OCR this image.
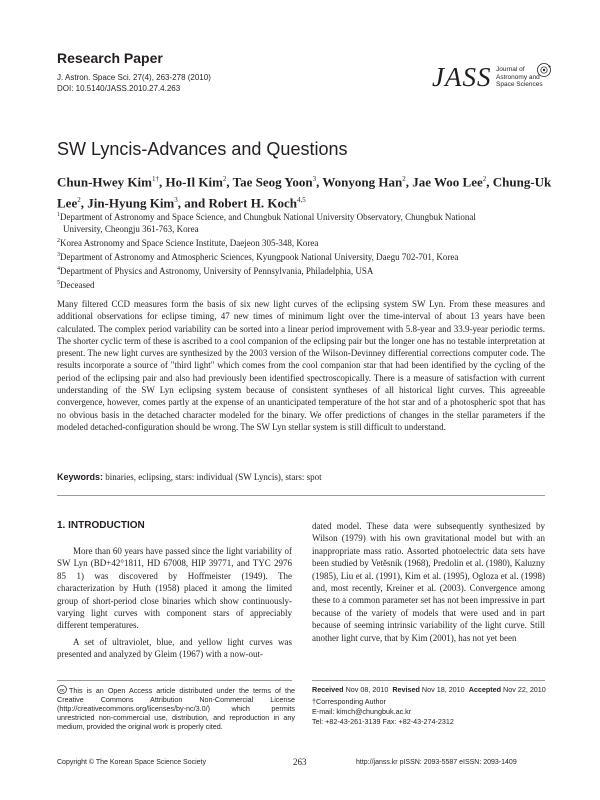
Research Paper
J. Astron. Space Sci. 27(4), 263-278 (2010)
DOI: 10.5140/JASS.2010.27.4.263	JASS Journal of
Astronomy and
Space Sciences
SW Lyncis-Advances and Questions
Chun-Hwey Kim$^{1\dagger}$, Ho-Il Kim$^2$, Tae Seog Yoon$^3$, Wonyong Han$^2$, Jae Woo Lee$^2$, Chung-Uk Lee$^2$, Jin-Hyung Kim$^3$, and Robert H. Koch$^{4,5}$
$^1$Department of Astronomy and Space Science, and Chungbuk National University Observatory, Chungbuk National
University, Cheongju 361-763, Korea
$^2$Korea Astronomy and Space Science Institute, Daejeon 305-348, Korea
$^3$Department of Astronomy and Atmospheric Sciences, Kyungpook National University, Daegu 702-701, Korea
$^4$Department of Physics and Astronomy, University of Pennsylvania, Philadelphia, USA
$^5$Deceased

Many filtered CCD measures form the basis of six new light curves of the eclipsing system SW Lyn. From these measures and additional observations for eclipse timing, 47 new times of minimum light over the time-interval of about 13 years have been calculated. The complex period variability can be sorted into a linear period improvement with 5.8-year and 33.9-year periodic terms. The shorter cyclic term of these is ascribed to a cool companion of the eclipsing pair but the longer one has no testable interpretation at present. The new light curves are synthesized by the 2003 version of the Wilson-Devinney differential corrections computer code. The results incorporate a source of "third light" which comes from the cool companion star that had been identified by the cycling of the period of the eclipsing pair and also had previously been identified spectroscopically. There is a measure of satisfaction with current understanding of the SW Lyn eclipsing system because of consistent syntheses of all historical light curves. This agreeable convergence, however, comes partly at the expense of an unanticipated temperature of the hot star and of a photospheric spot that has no obvious basis in the detached character modeled for the binary. We offer predictions of changes in the stellar parameters if the modeled detached-configuration should be wrong. The SW Lyn stellar system is still difficult to understand.

Keywords: binaries, eclipsing, stars: individual (SW Lyncis), stars: spot
1. INTRODUCTION

More than 60 years have passed since the light variability of SW Lyn (BD+42°1811, HD 67008, HIP 39771, and TYC 2976 85 1) was discovered by Hoffmeister (1949). The characterization by Huth (1958) placed it among the limited group of short-period close binaries which show continuously-varying light curves with component stars of appreciably different temperatures.

A set of ultraviolet, blue, and yellow light curves was presented and analyzed by Gleim (1967) with a now-out-

dated model. These data were subsequently synthesized by Wilson (1979) with his own gravitational model but with an inappropriate mass ratio. Assorted photoelectric data sets have been studied by Vetěsník (1968), Predolin et al. (1980), Kaluzny (1985), Liu et al. (1991), Kim et al. (1995), Ogloza et al. (1998) and, most recently, Kreiner et al. (2003). Convergence among these to a common parameter set has not been impressive in part because of the variety of models that were used and in part because of seeming intrinsic variability of the light curve. Still another light curve, that by Kim (2001), has not yet been

cc This is an Open Access article distributed under the terms of the Creative Commons Attribution Non-Commercial License (http://creativecommons.org/licenses/by-nc/3.0/) which permits unrestricted non-commercial use, distribution, and reproduction in any medium, provided the original work is properly cited.
Received Nov 08, 2010 Revised Nov 18, 2010 Accepted Nov 22, 2010
†Corresponding Author
E-mail: kimch@chungbuk.ac.kr
Tel: +82-43-261-3139 Fax: +82-43-274-2312
Copyright © The Korean Space Science Society	263	http://janss.kr pISSN: 2093-5587 eISSN: 2093-1409
